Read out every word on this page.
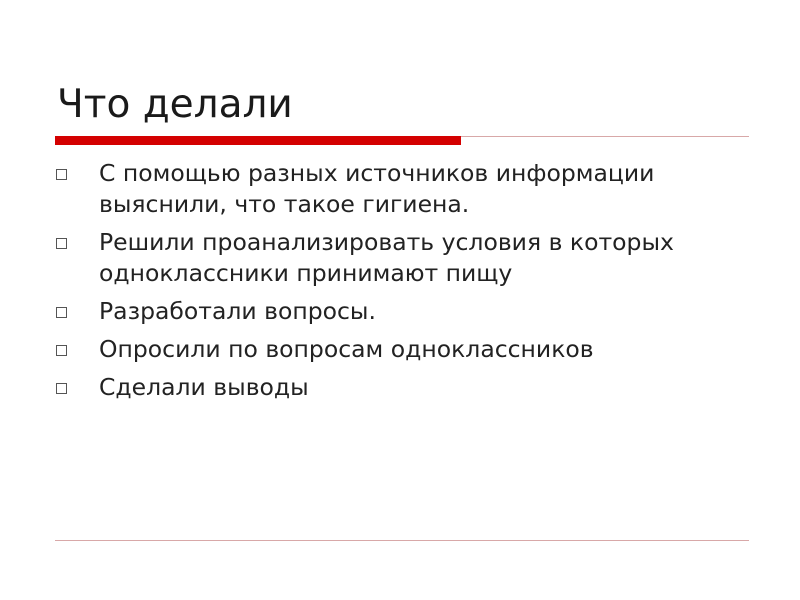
Что делали
С помощью разных источников информации выяснили, что такое гигиена.
Решили проанализировать условия в которых одноклассники принимают пищу
Разработали вопросы.
Опросили по вопросам одноклассников
Сделали выводы
